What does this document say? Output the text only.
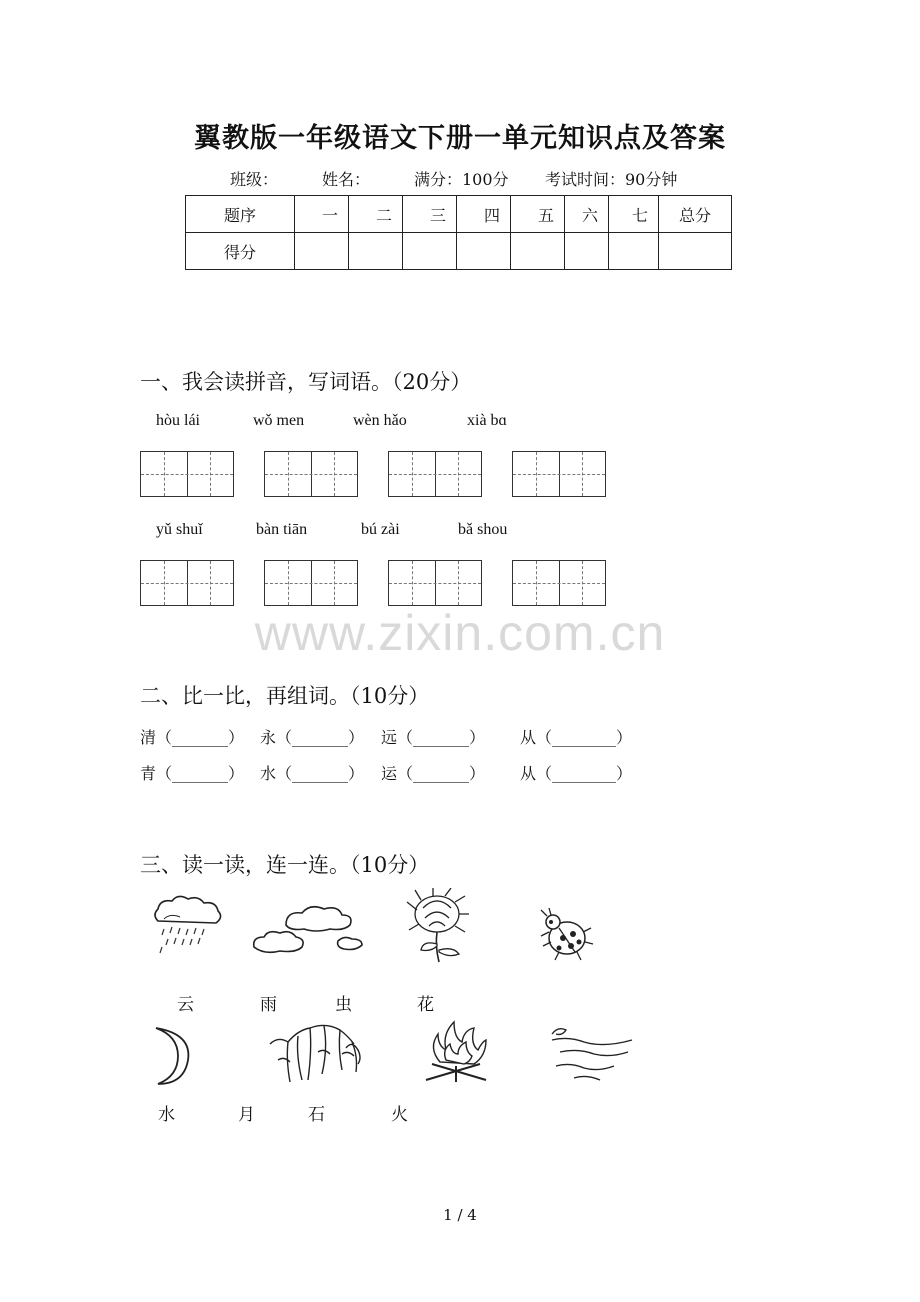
翼教版一年级语文下册一单元知识点及答案
班级：	姓名：	满分：100分 考试时间：90分钟
题序	一	二	三	四	五	六	七	总分
得分								
一、我会读拼音，写词语。（20分）
hòu lái	wǒ men	wèn hǎo	xià bɑ
yǔ shuǐ	bàn tiān	bú zài	bǎ shou
www.zixin.com.cn
二、比一比，再组词。（10分）
清（_______） 永（_______） 远（_______） 从（________）
青（_______） 水（_______） 运（_______） 从（________）
三、读一读，连一连。（10分）
云	雨	虫	花
水	月	石	火
1 / 4
